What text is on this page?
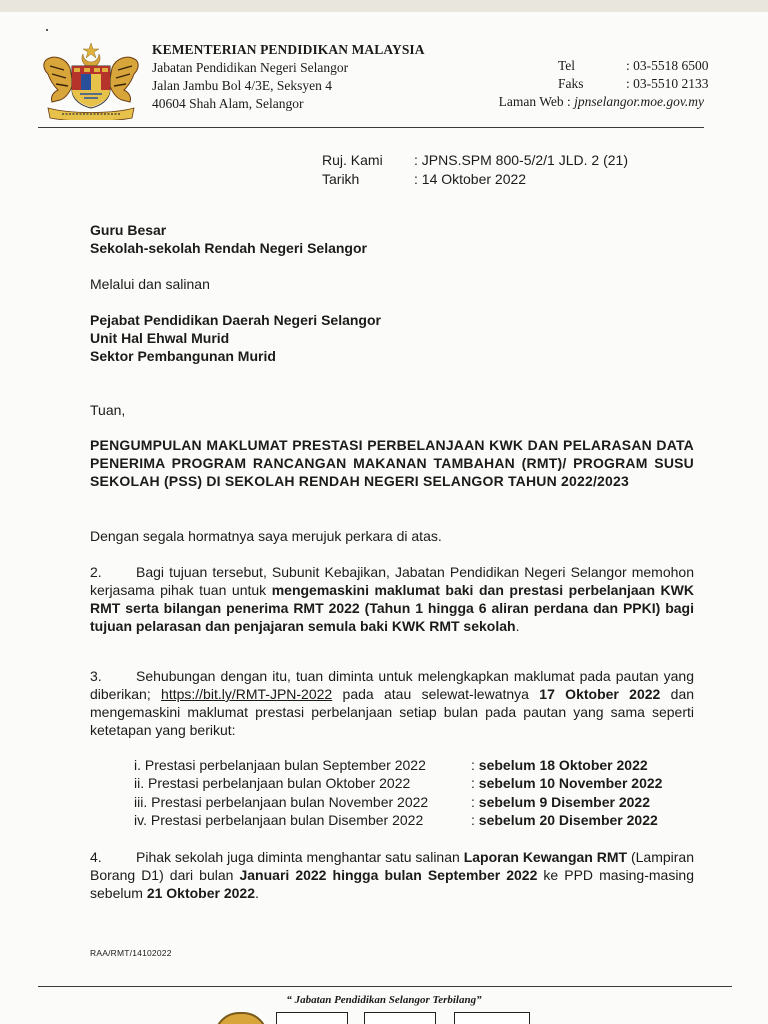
KEMENTERIAN PENDIDIKAN MALAYSIA
Jabatan Pendidikan Negeri Selangor
Jalan Jambu Bol 4/3E, Seksyen 4
40604 Shah Alam, Selangor
Tel	: 03-5518 6500
Faks	: 03-5510 2133
Laman Web : jpnselangor.moe.gov.my
Ruj. Kami : JPNS.SPM 800-5/2/1 JLD. 2 (21)
Tarikh	: 14 Oktober 2022
Guru Besar
Sekolah-sekolah Rendah Negeri Selangor
Melalui dan salinan
Pejabat Pendidikan Daerah Negeri Selangor
Unit Hal Ehwal Murid
Sektor Pembangunan Murid
Tuan,
PENGUMPULAN MAKLUMAT PRESTASI PERBELANJAAN KWK DAN PELARASAN DATA PENERIMA PROGRAM RANCANGAN MAKANAN TAMBAHAN (RMT)/ PROGRAM SUSU SEKOLAH (PSS) DI SEKOLAH RENDAH NEGERI SELANGOR TAHUN 2022/2023
Dengan segala hormatnya saya merujuk perkara di atas.
2. Bagi tujuan tersebut, Subunit Kebajikan, Jabatan Pendidikan Negeri Selangor memohon kerjasama pihak tuan untuk mengemaskini maklumat baki dan prestasi perbelanjaan KWK RMT serta bilangan penerima RMT 2022 (Tahun 1 hingga 6 aliran perdana dan PPKI) bagi tujuan pelarasan dan penjajaran semula baki KWK RMT sekolah.
3. Sehubungan dengan itu, tuan diminta untuk melengkapkan maklumat pada pautan yang diberikan; https://bit.ly/RMT-JPN-2022 pada atau selewat-lewatnya 17 Oktober 2022 dan mengemaskini maklumat prestasi perbelanjaan setiap bulan pada pautan yang sama seperti ketetapan yang berikut:
i. Prestasi perbelanjaan bulan September 2022	: sebelum 18 Oktober 2022
ii. Prestasi perbelanjaan bulan Oktober 2022	: sebelum 10 November 2022
iii. Prestasi perbelanjaan bulan November 2022	: sebelum 9 Disember 2022
iv. Prestasi perbelanjaan bulan Disember 2022	: sebelum 20 Disember 2022
4. Pihak sekolah juga diminta menghantar satu salinan Laporan Kewangan RMT (Lampiran Borang D1) dari bulan Januari 2022 hingga bulan September 2022 ke PPD masing-masing sebelum 21 Oktober 2022.
RAA/RMT/14102022
“ Jabatan Pendidikan Selangor Terbilang”
